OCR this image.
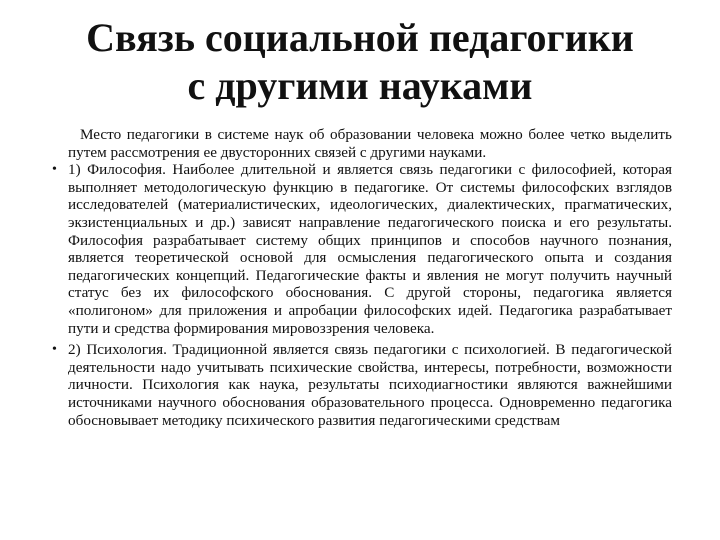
Связь социальной педагогики
с другими науками

Место педагогики в системе наук об образовании человека можно более четко выделить путем рассмотрения ее двусторонних связей с другими науками.

• 1) Философия. Наиболее длительной и является связь педагогики с философией, которая выполняет методологическую функцию в педагогике. От системы философских взглядов исследователей (материалистических, идеологических, диалектических, прагматических, экзистенциальных и др.) зависят направление педагогического поиска и его результаты. Философия разрабатывает систему общих принципов и способов научного познания, является теоретической основой для осмысления педагогического опыта и создания педагогических концепций. Педагогические факты и явления не могут получить научный статус без их философского обоснования. С другой стороны, педагогика является «полигоном» для приложения и апробации философских идей. Педагогика разрабатывает пути и средства формирования мировоззрения человека.
• 2) Психология. Традиционной является связь педагогики с психологией. В педагогической деятельности надо учитывать психические свойства, интересы, потребности, возможности личности. Психология как наука, результаты психодиагностики являются важнейшими источниками научного обоснования образовательного процесса. Одновременно педагогика обосновывает методику психического развития педагогическими средствам
